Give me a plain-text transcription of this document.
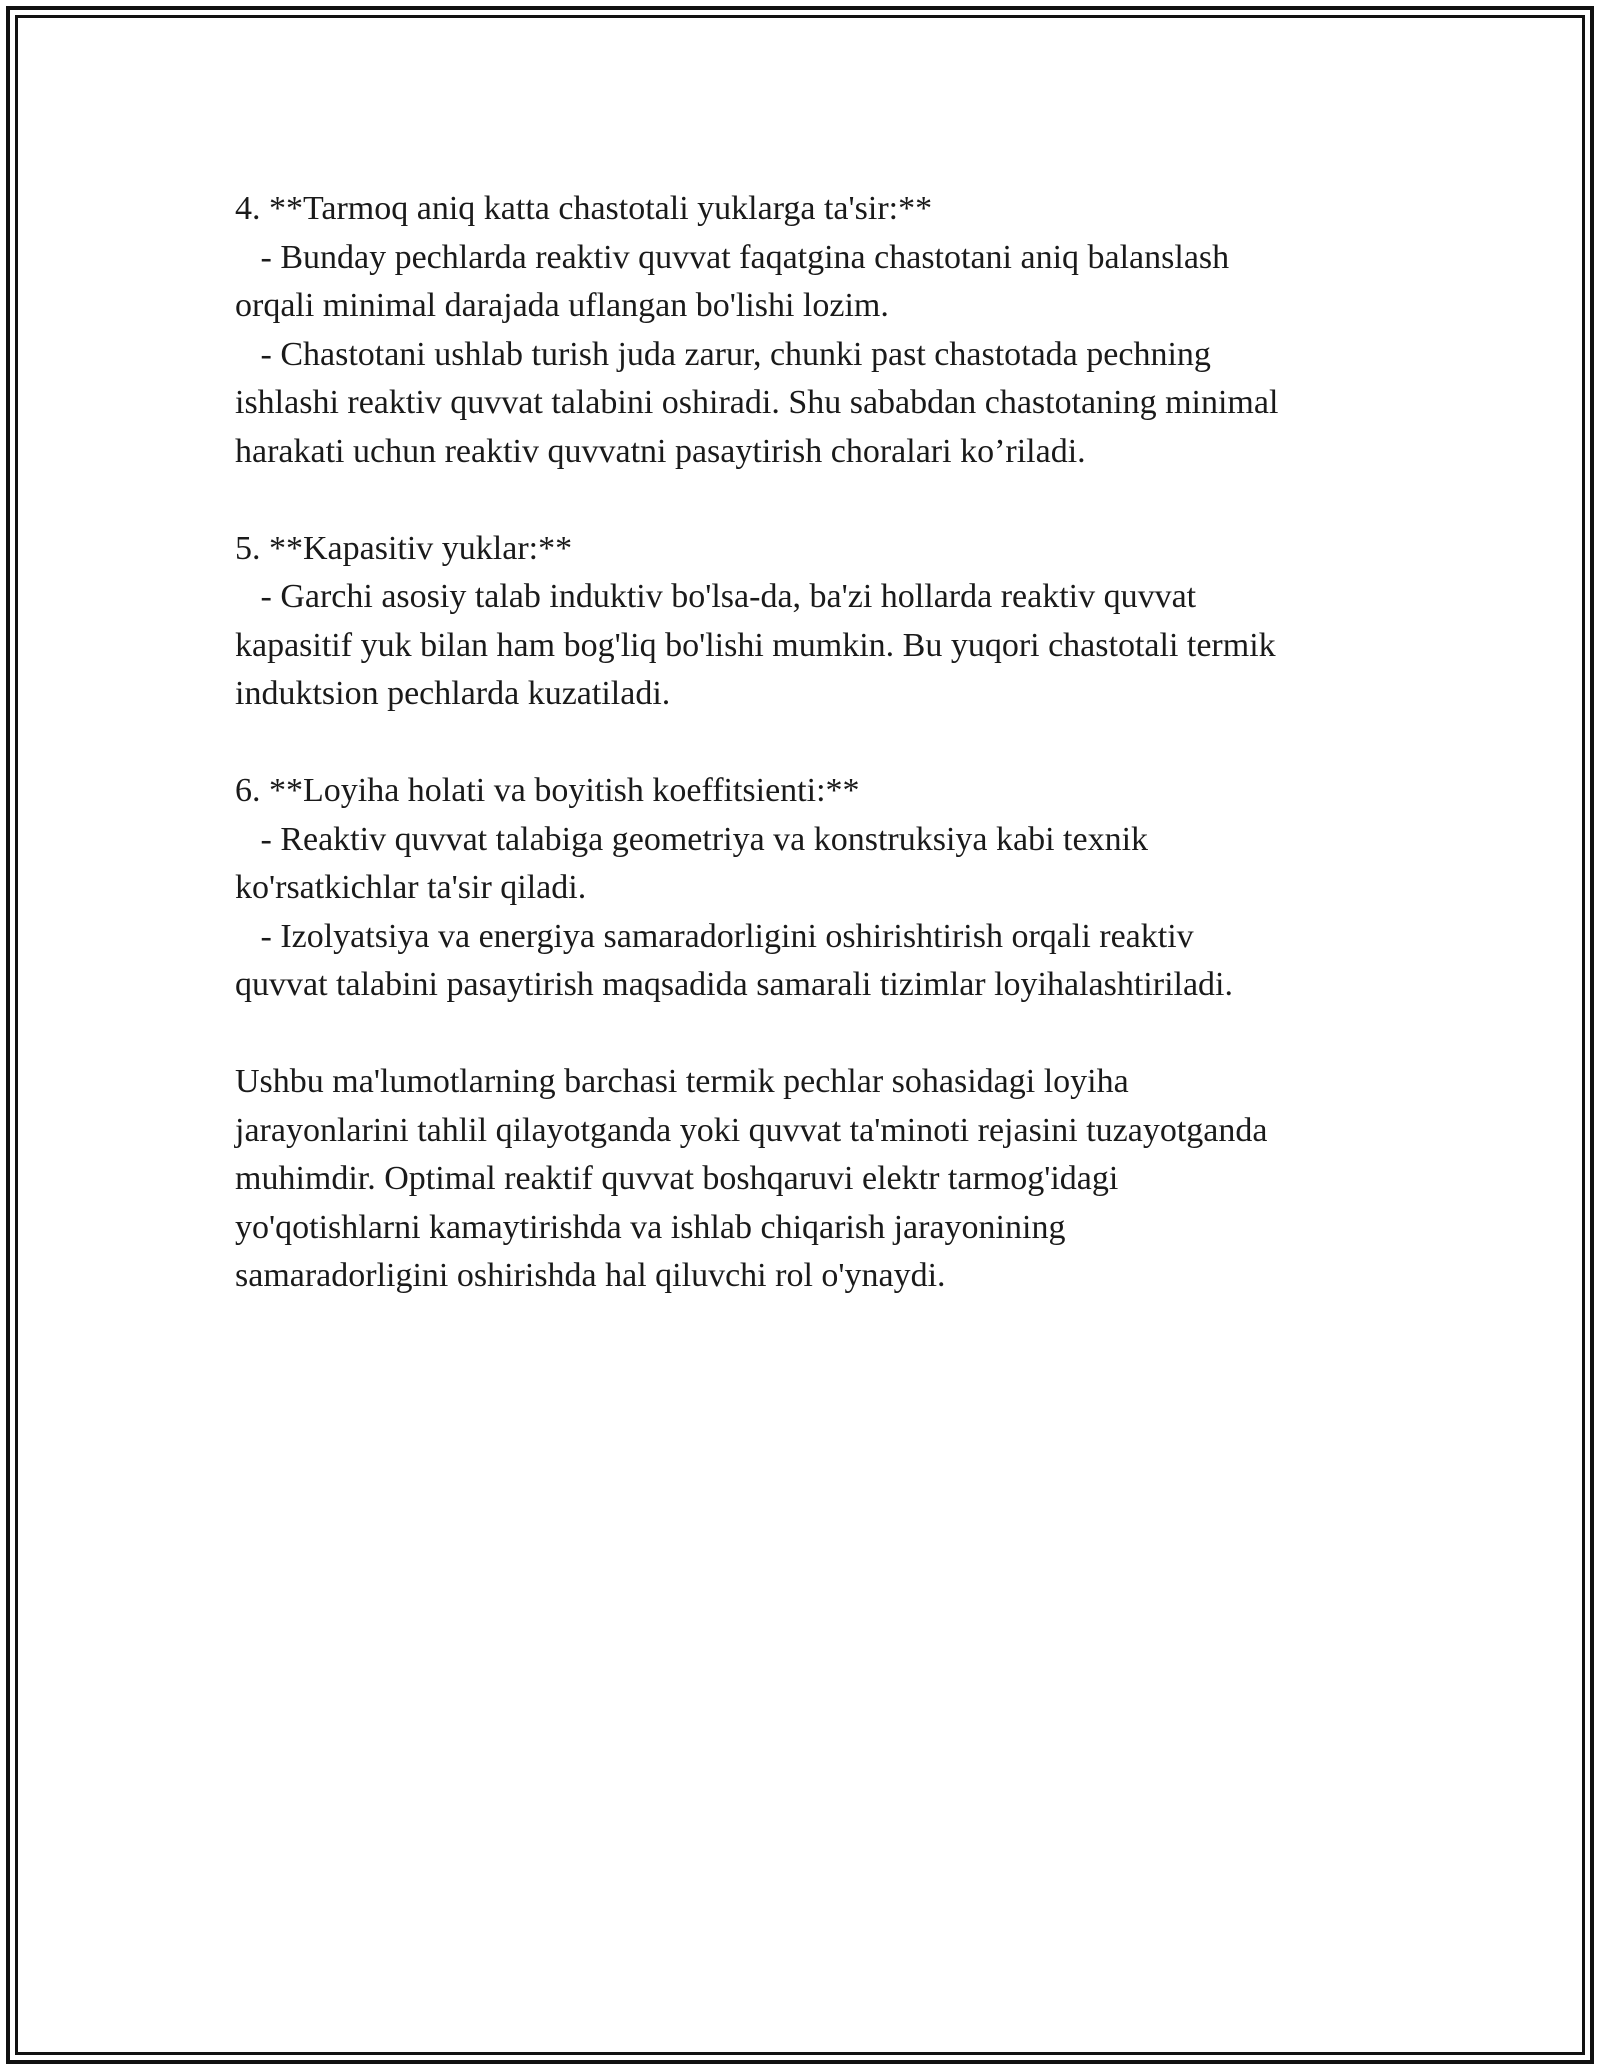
4. **Tarmoq aniq katta chastotali yuklarga ta'sir:**
- Bunday pechlarda reaktiv quvvat faqatgina chastotani aniq balanslash
orqali minimal darajada uflangan bo'lishi lozim.
- Chastotani ushlab turish juda zarur, chunki past chastotada pechning
ishlashi reaktiv quvvat talabini oshiradi. Shu sababdan chastotaning minimal
harakati uchun reaktiv quvvatni pasaytirish choralari ko’riladi.
5. **Kapasitiv yuklar:**
- Garchi asosiy talab induktiv bo'lsa-da, ba'zi hollarda reaktiv quvvat
kapasitif yuk bilan ham bog'liq bo'lishi mumkin. Bu yuqori chastotali termik
induktsion pechlarda kuzatiladi.
6. **Loyiha holati va boyitish koeffitsienti:**
- Reaktiv quvvat talabiga geometriya va konstruksiya kabi texnik
ko'rsatkichlar ta'sir qiladi.
- Izolyatsiya va energiya samaradorligini oshirishtirish orqali reaktiv
quvvat talabini pasaytirish maqsadida samarali tizimlar loyihalashtiriladi.
Ushbu ma'lumotlarning barchasi termik pechlar sohasidagi loyiha
jarayonlarini tahlil qilayotganda yoki quvvat ta'minoti rejasini tuzayotganda
muhimdir. Optimal reaktif quvvat boshqaruvi elektr tarmog'idagi
yo'qotishlarni kamaytirishda va ishlab chiqarish jarayonining
samaradorligini oshirishda hal qiluvchi rol o'ynaydi.
